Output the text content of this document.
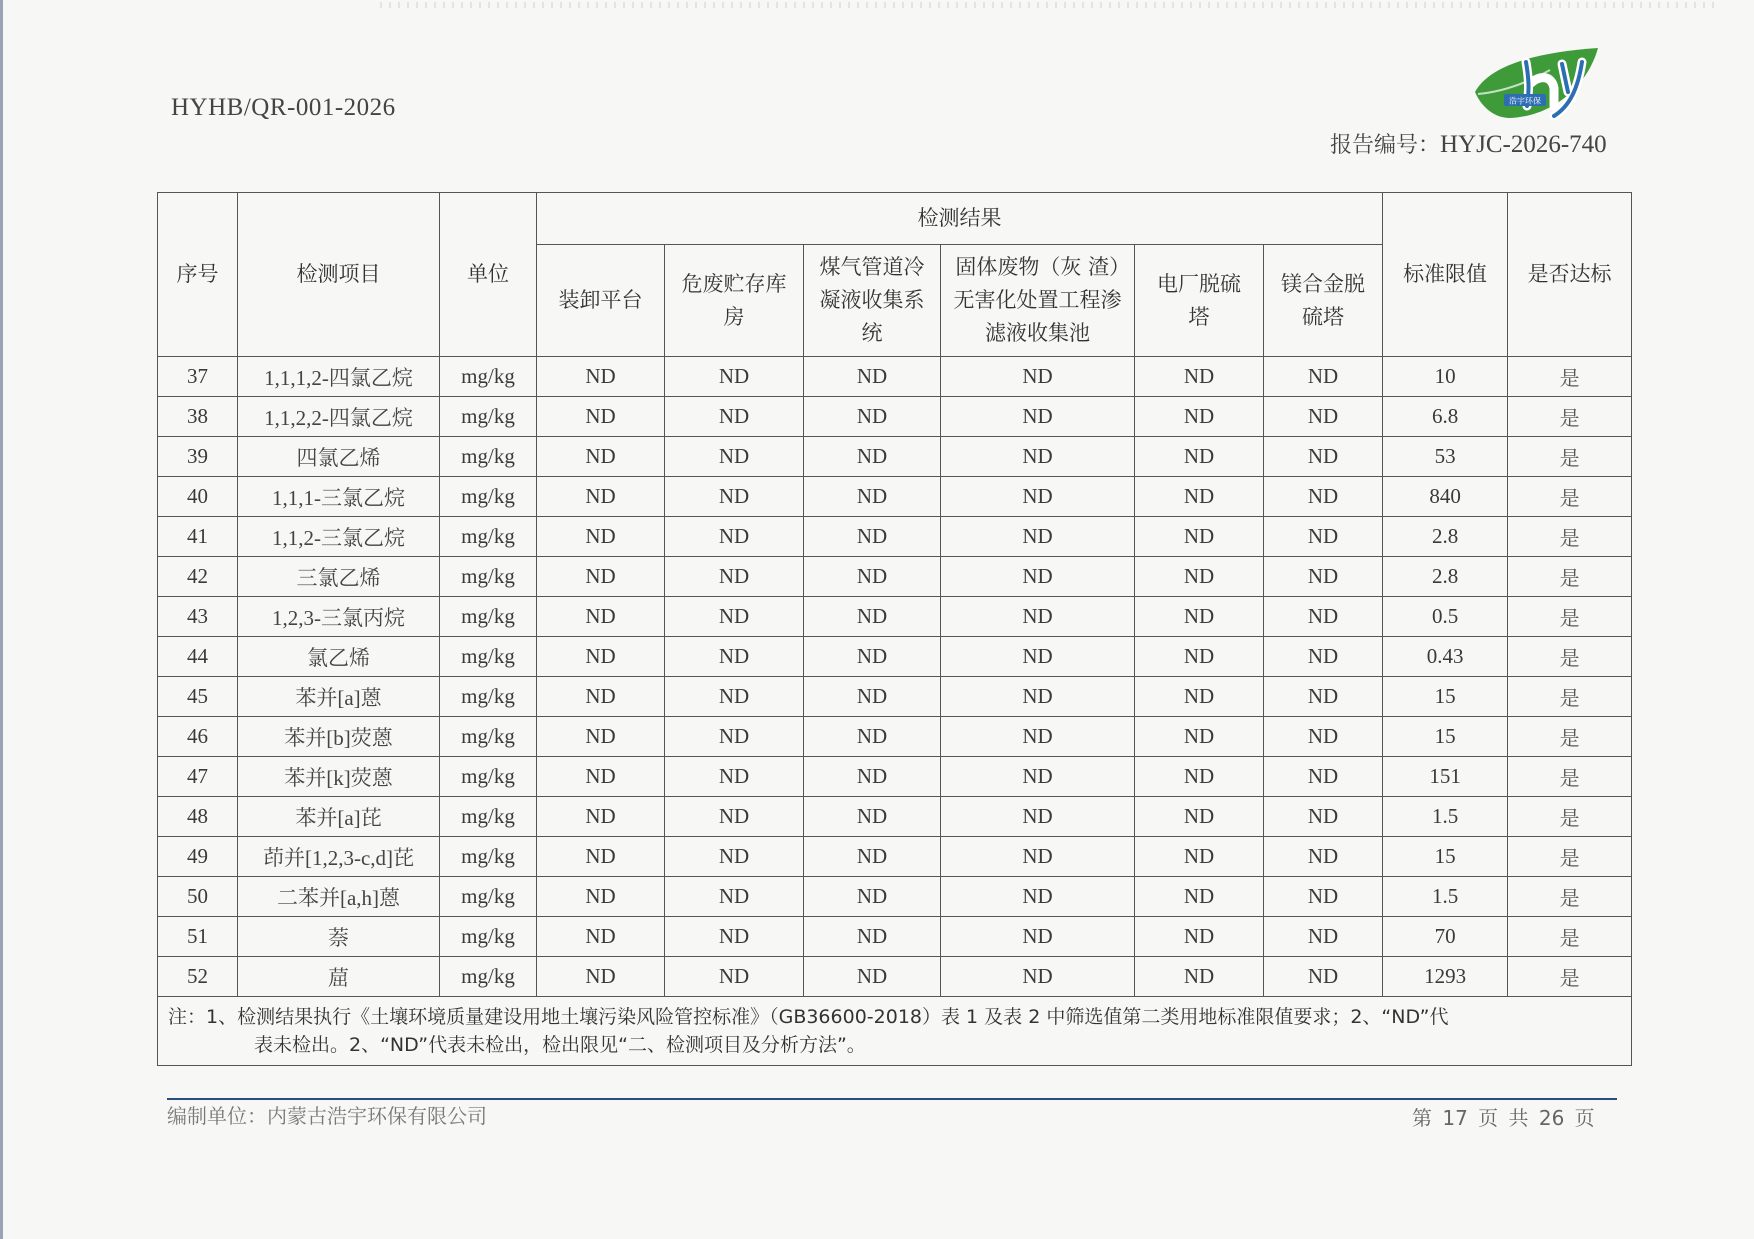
HYHB/QR-001-2026	浩宇环保
报告编号：HYJC-2026-740
序号	检测项目	单位	检测结果						标准限值	是否达标
			装卸平台	危废贮存库房	煤气管道冷凝液收集系统	固体废物（灰 渣）无害化处置工程渗滤液收集池	电厂脱硫塔	镁合金脱硫塔		
37	1,1,1,2-四氯乙烷	mg/kg	ND	ND	ND	ND	ND	ND	10	是
38	1,1,2,2-四氯乙烷	mg/kg	ND	ND	ND	ND	ND	ND	6.8	是
39	四氯乙烯	mg/kg	ND	ND	ND	ND	ND	ND	53	是
40	1,1,1-三氯乙烷	mg/kg	ND	ND	ND	ND	ND	ND	840	是
41	1,1,2-三氯乙烷	mg/kg	ND	ND	ND	ND	ND	ND	2.8	是
42	三氯乙烯	mg/kg	ND	ND	ND	ND	ND	ND	2.8	是
43	1,2,3-三氯丙烷	mg/kg	ND	ND	ND	ND	ND	ND	0.5	是
44	氯乙烯	mg/kg	ND	ND	ND	ND	ND	ND	0.43	是
45	苯并[a]蒽	mg/kg	ND	ND	ND	ND	ND	ND	15	是
46	苯并[b]荧蒽	mg/kg	ND	ND	ND	ND	ND	ND	15	是
47	苯并[k]荧蒽	mg/kg	ND	ND	ND	ND	ND	ND	151	是
48	苯并[a]芘	mg/kg	ND	ND	ND	ND	ND	ND	1.5	是
49	茚并[1,2,3-c,d]芘	mg/kg	ND	ND	ND	ND	ND	ND	15	是
50	二苯并[a,h]蒽	mg/kg	ND	ND	ND	ND	ND	ND	1.5	是
51	萘	mg/kg	ND	ND	ND	ND	ND	ND	70	是
52	䓛	mg/kg	ND	ND	ND	ND	ND	ND	1293	是
注：1、检测结果执行《土壤环境质量建设用地土壤污染风险管控标准》（GB36600-2018）表 1 及表 2 中筛选值第二类用地标准限值要求；2、“ND”代
表未检出。2、“ND”代表未检出，检出限见“二、检测项目及分析方法”。										
编制单位：内蒙古浩宇环保有限公司	第 17 页 共 26 页
